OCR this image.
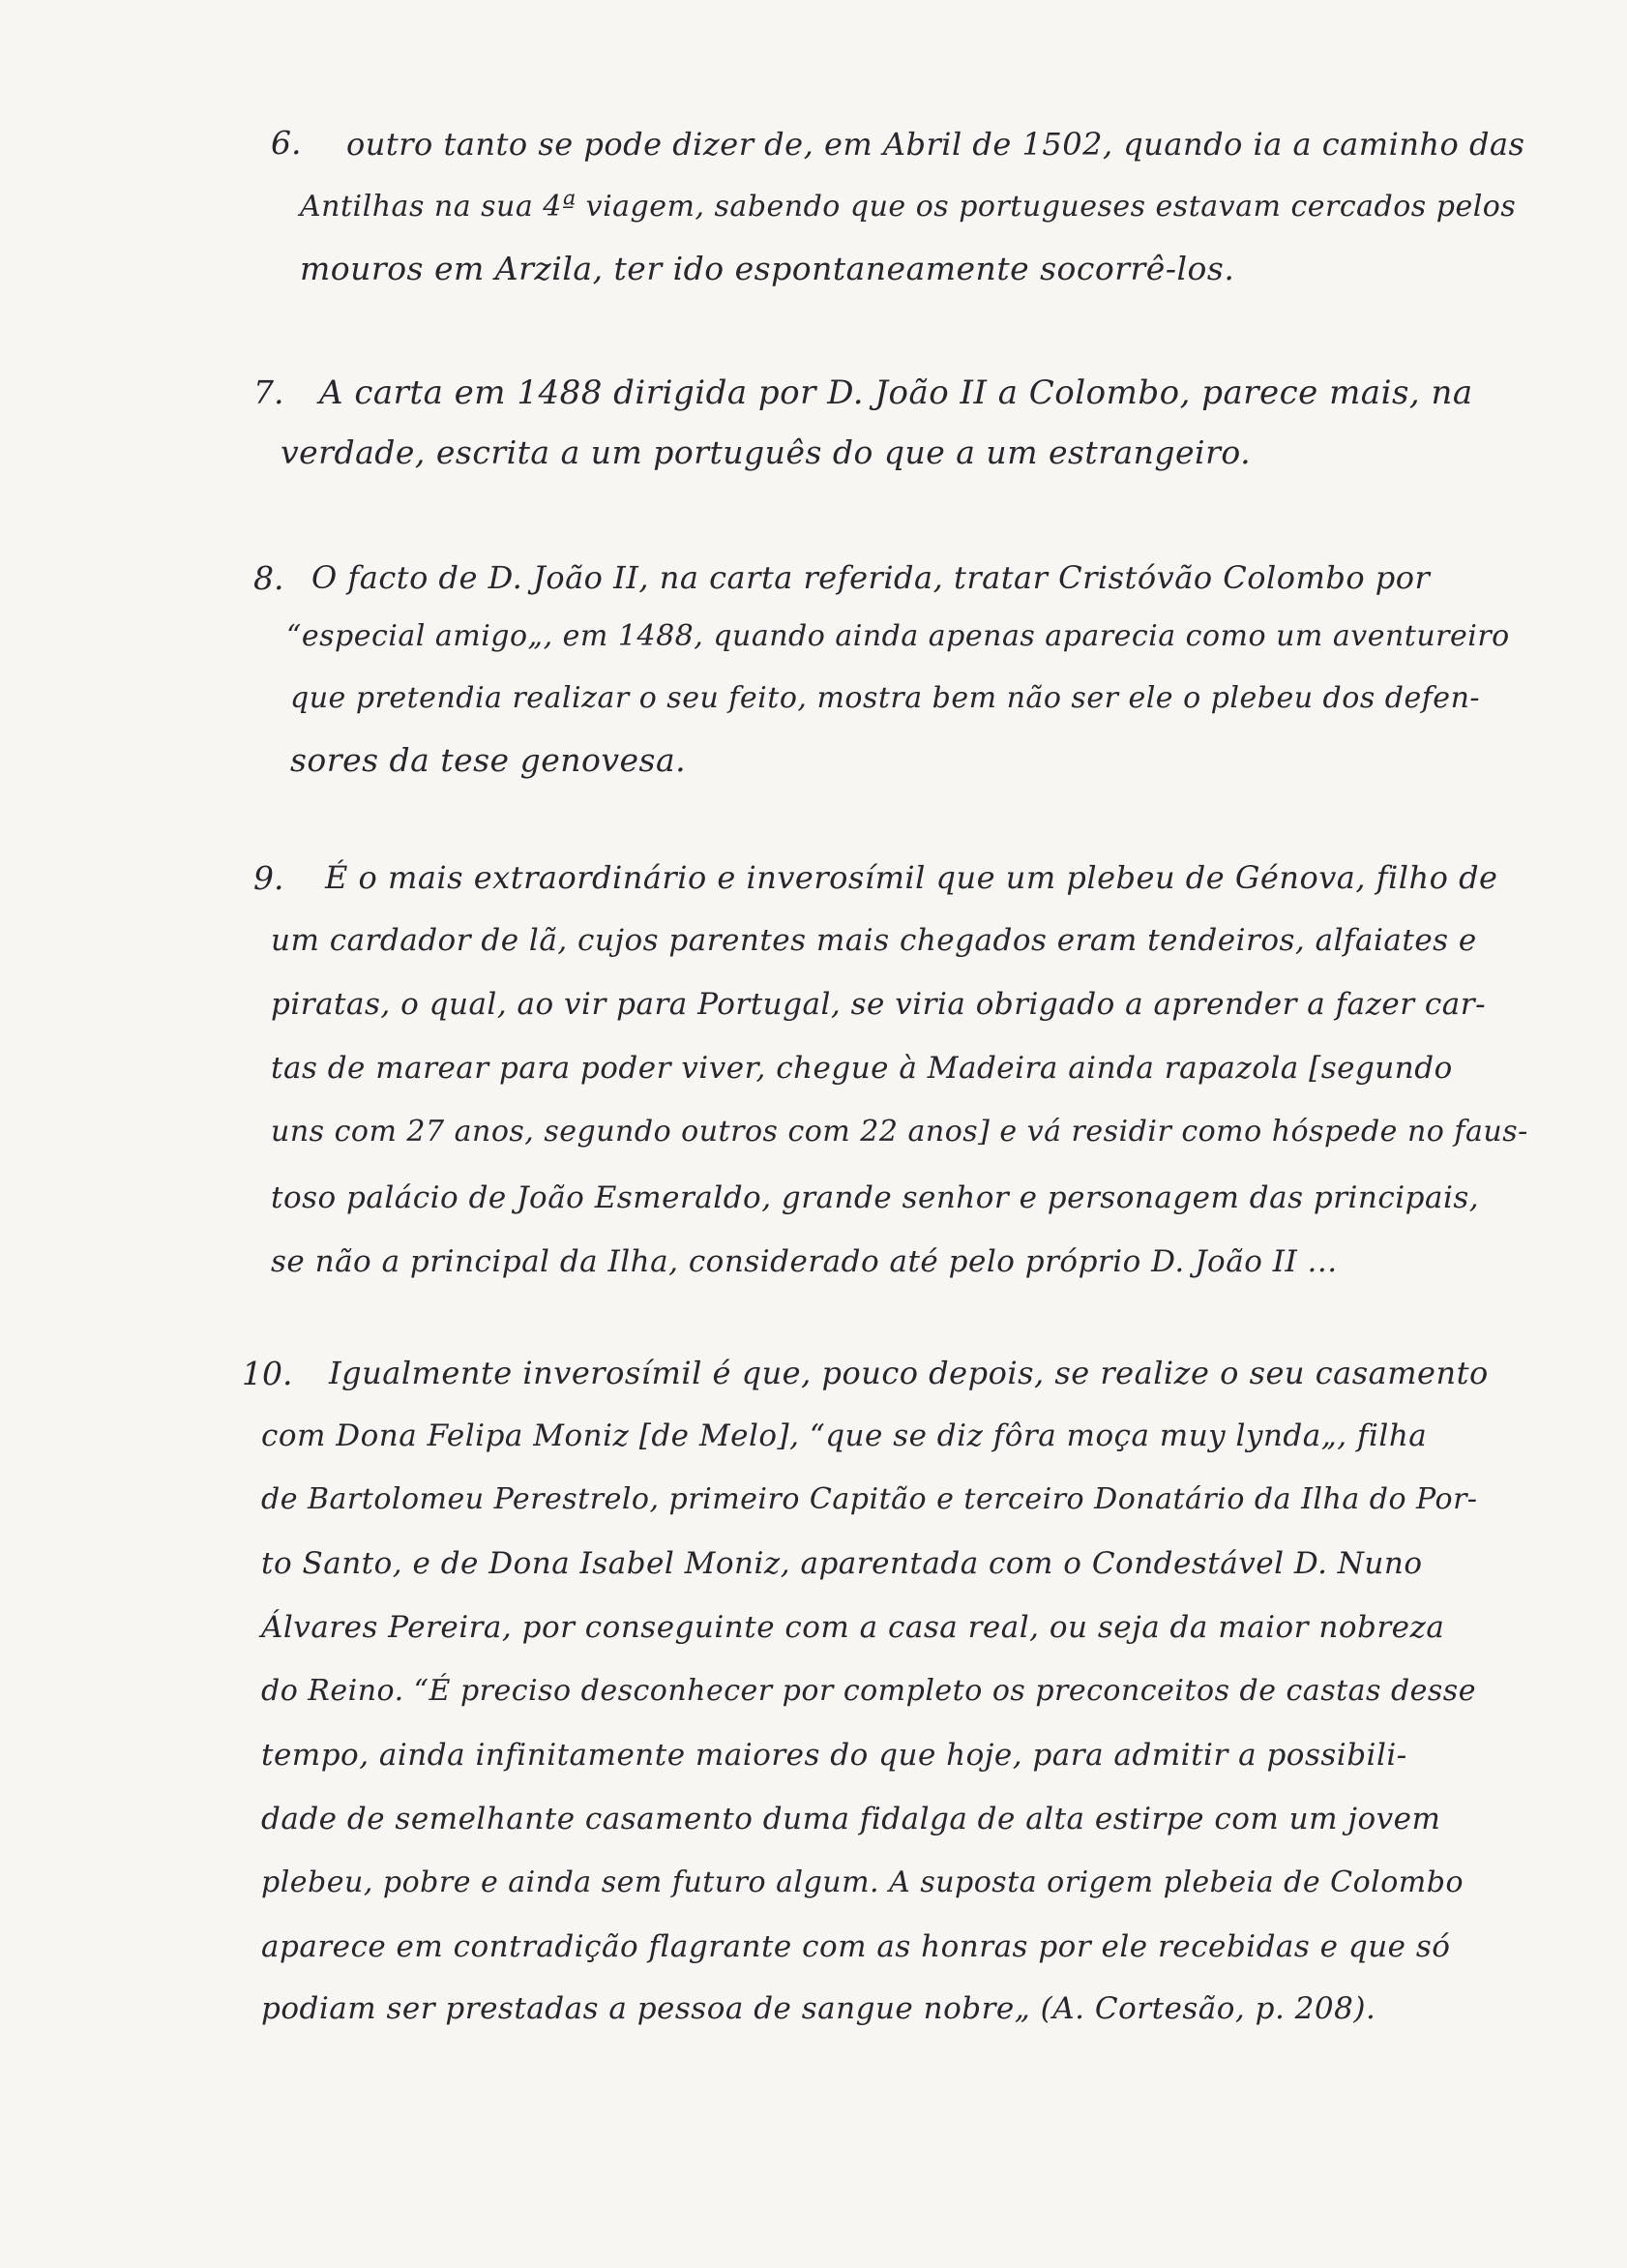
6. outro tanto se pode dizer de, em Abril de 1502, quando ia a caminho das
Antilhas na sua 4ª viagem, sabendo que os portugueses estavam cercados pelos
mouros em Arzila, ter ido espontaneamente socorrê-los.
7. A carta em 1488 dirigida por D. João II a Colombo, parece mais, na
verdade, escrita a um português do que a um estrangeiro.
8. O facto de D. João II, na carta referida, tratar Cristóvão Colombo por
“especial amigo„, em 1488, quando ainda apenas aparecia como um aventureiro
que pretendia realizar o seu feito, mostra bem não ser ele o plebeu dos defen-
sores da tese genovesa.
9. É o mais extraordinário e inverosímil que um plebeu de Génova, filho de
um cardador de lã, cujos parentes mais chegados eram tendeiros, alfaiates e
piratas, o qual, ao vir para Portugal, se viria obrigado a aprender a fazer car-
tas de marear para poder viver, chegue à Madeira ainda rapazola [segundo
uns com 27 anos, segundo outros com 22 anos] e vá residir como hóspede no faus-
toso palácio de João Esmeraldo, grande senhor e personagem das principais,
se não a principal da Ilha, considerado até pelo próprio D. João II ...
10. Igualmente inverosímil é que, pouco depois, se realize o seu casamento
com Dona Felipa Moniz [de Melo], “que se diz fôra moça muy lynda„, filha
de Bartolomeu Perestrelo, primeiro Capitão e terceiro Donatário da Ilha do Por-
to Santo, e de Dona Isabel Moniz, aparentada com o Condestável D. Nuno
Álvares Pereira, por conseguinte com a casa real, ou seja da maior nobreza
do Reino. “É preciso desconhecer por completo os preconceitos de castas desse
tempo, ainda infinitamente maiores do que hoje, para admitir a possibili-
dade de semelhante casamento duma fidalga de alta estirpe com um jovem
plebeu, pobre e ainda sem futuro algum. A suposta origem plebeia de Colombo
aparece em contradição flagrante com as honras por ele recebidas e que só
podiam ser prestadas a pessoa de sangue nobre„ (A. Cortesão, p. 208).
